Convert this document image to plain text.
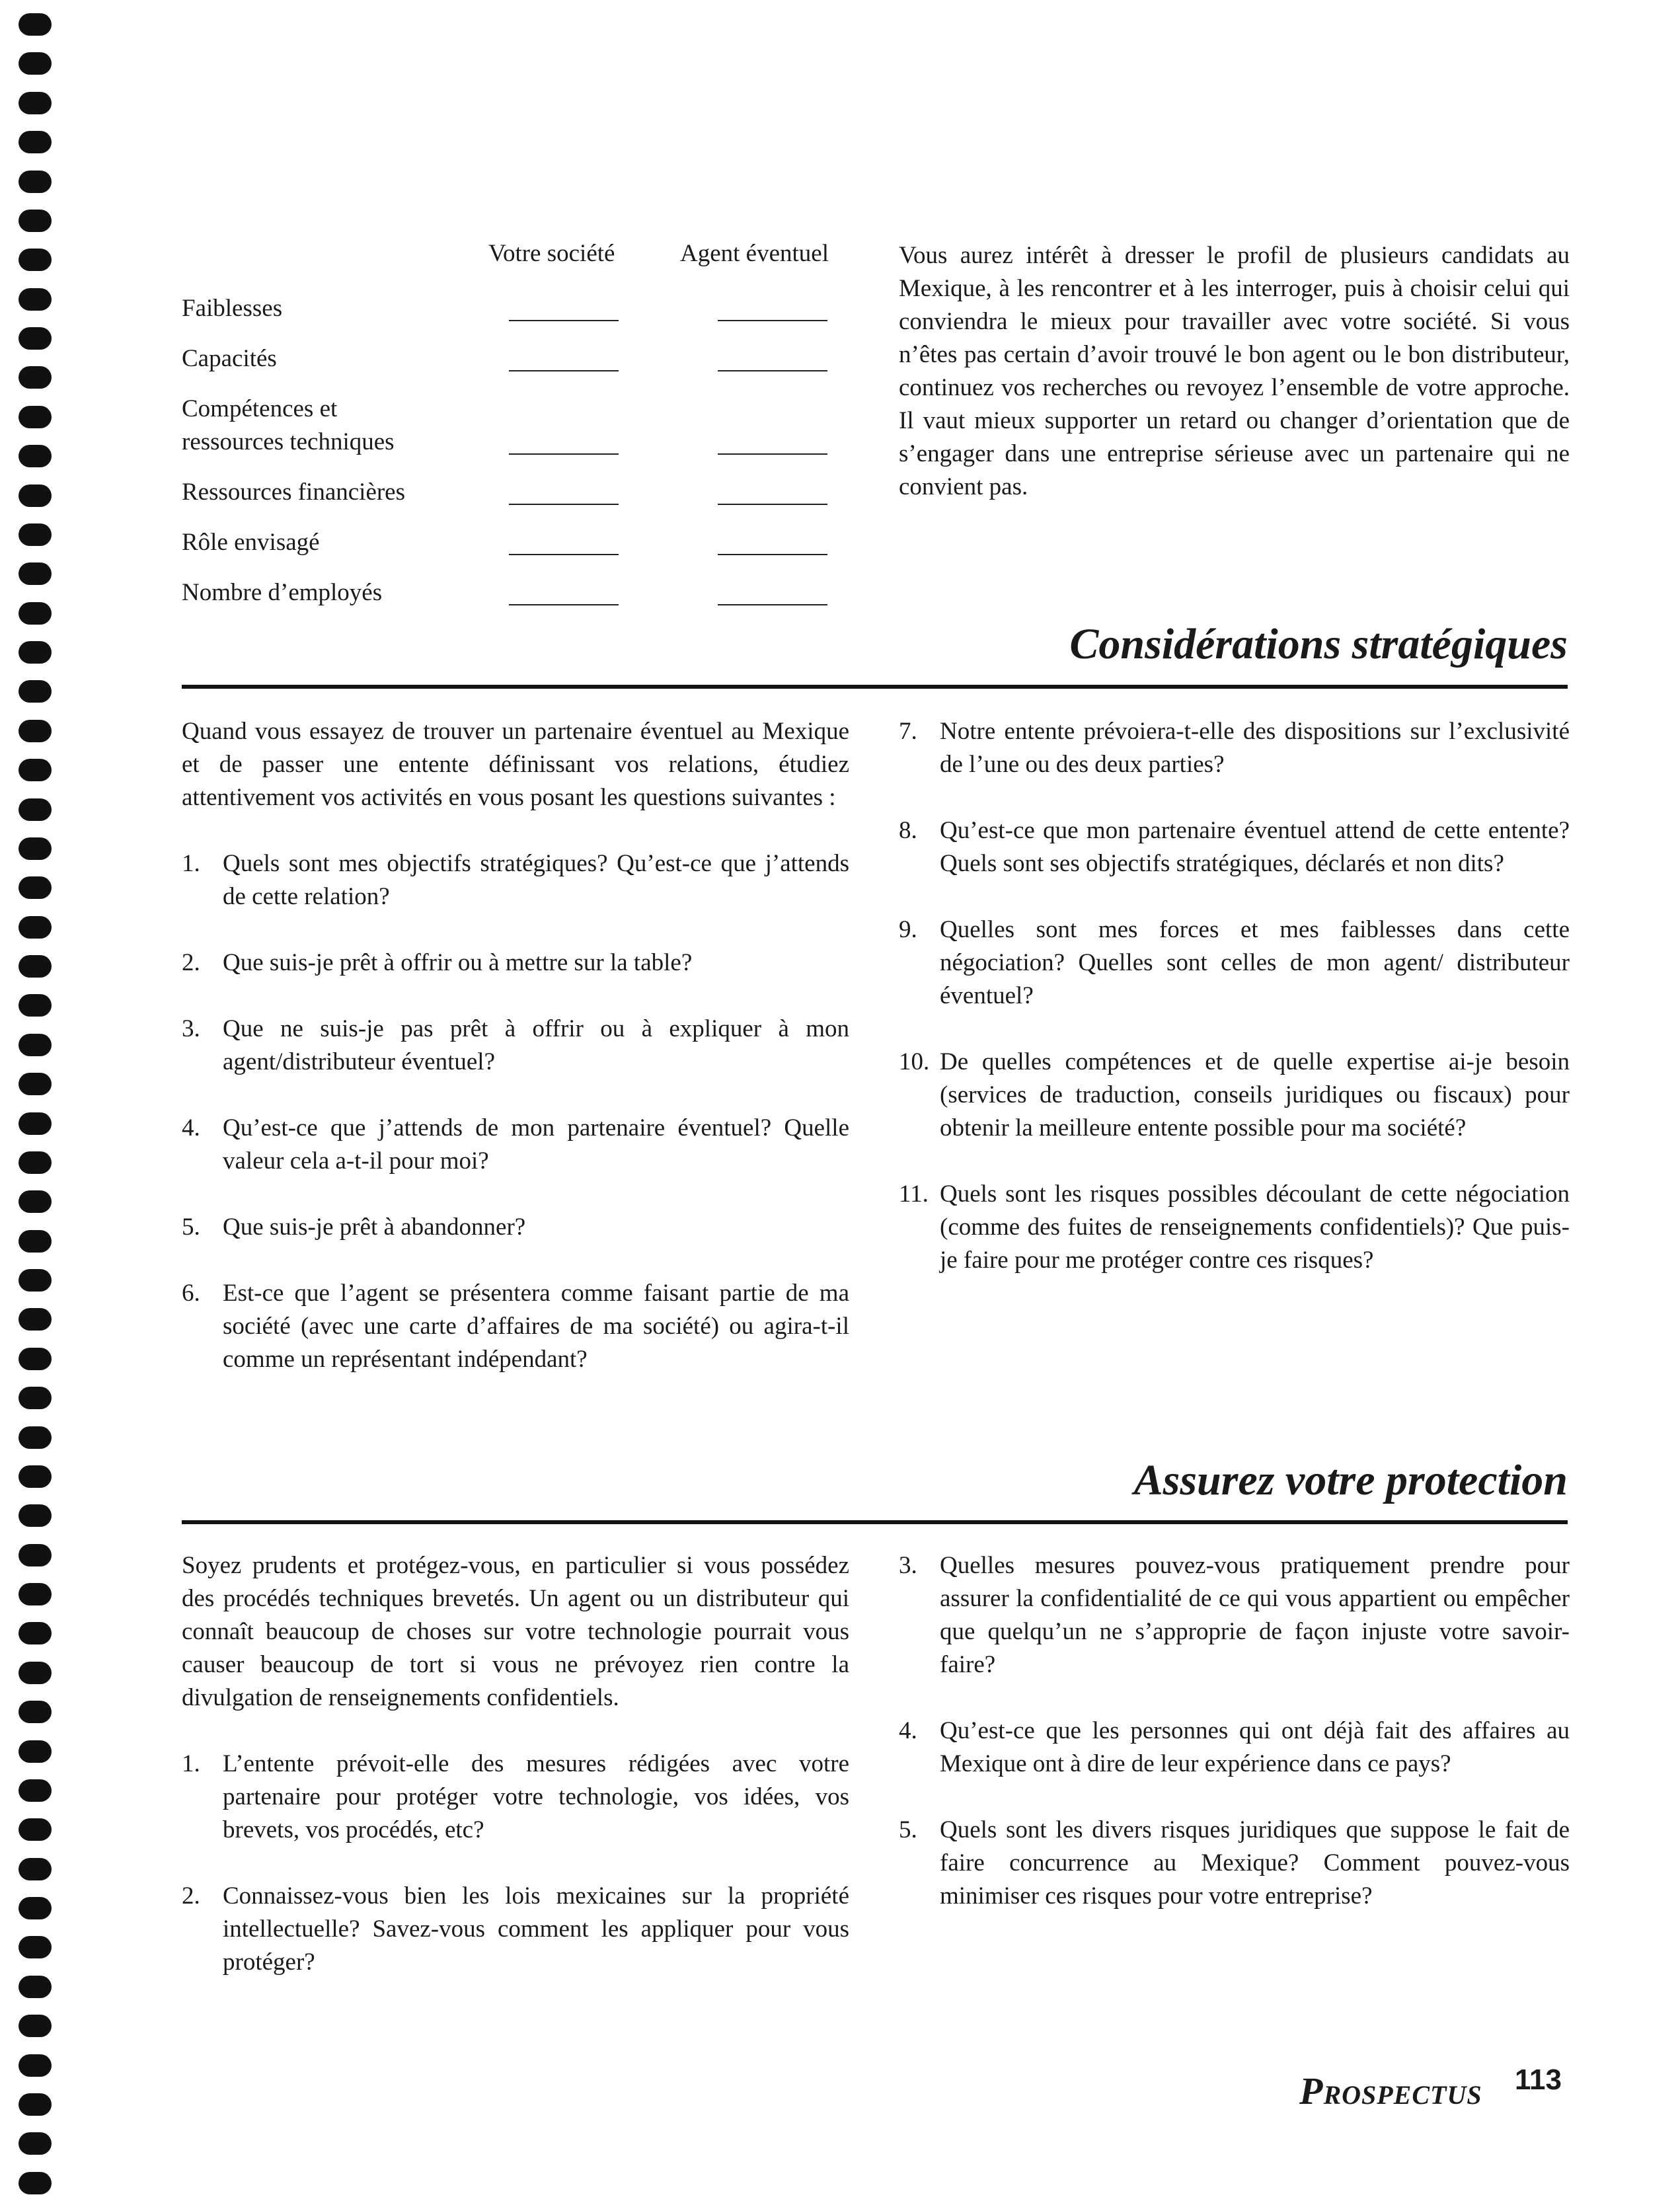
Votre société	Agent éventuel
Faiblesses
Capacités
Compétences et
ressources techniques
Ressources financières
Rôle envisagé
Nombre d’employés
Vous aurez intérêt à dresser le profil de plusieurs candidats au Mexique, à les rencontrer et à les interroger, puis à choisir celui qui conviendra le mieux pour travailler avec votre société. Si vous n’êtes pas certain d’avoir trouvé le bon agent ou le bon distributeur, continuez vos recherches ou revoyez l’ensemble de votre approche. Il vaut mieux supporter un retard ou changer d’orientation que de s’engager dans une entreprise sérieuse avec un partenaire qui ne convient pas.
Considérations stratégiques
Quand vous essayez de trouver un partenaire éventuel au Mexique et de passer une entente définissant vos relations, étudiez attentivement vos activités en vous posant les questions suivantes :
1. Quels sont mes objectifs stratégiques? Qu’est-ce que j’attends de cette relation?
2. Que suis-je prêt à offrir ou à mettre sur la table?
3. Que ne suis-je pas prêt à offrir ou à expliquer à mon agent/distributeur éventuel?
4. Qu’est-ce que j’attends de mon partenaire éventuel? Quelle valeur cela a-t-il pour moi?
5. Que suis-je prêt à abandonner?
6. Est-ce que l’agent se présentera comme faisant partie de ma société (avec une carte d’affaires de ma société) ou agira-t-il comme un représentant indépendant?
7. Notre entente prévoiera-t-elle des dispositions sur l’exclusivité de l’une ou des deux parties?
8. Qu’est-ce que mon partenaire éventuel attend de cette entente? Quels sont ses objectifs stratégiques, déclarés et non dits?
9. Quelles sont mes forces et mes faiblesses dans cette négociation? Quelles sont celles de mon agent/ distributeur éventuel?
10. De quelles compétences et de quelle expertise ai-je besoin (services de traduction, conseils juridiques ou fiscaux) pour obtenir la meilleure entente possible pour ma société?
11. Quels sont les risques possibles découlant de cette négociation (comme des fuites de renseignements confidentiels)? Que puis-je faire pour me protéger contre ces risques?
Assurez votre protection
Soyez prudents et protégez-vous, en particulier si vous possédez des procédés techniques brevetés. Un agent ou un distributeur qui connaît beaucoup de choses sur votre technologie pourrait vous causer beaucoup de tort si vous ne prévoyez rien contre la divulgation de renseignements confidentiels.
1. L’entente prévoit-elle des mesures rédigées avec votre partenaire pour protéger votre technologie, vos idées, vos brevets, vos procédés, etc?
2. Connaissez-vous bien les lois mexicaines sur la propriété intellectuelle? Savez-vous comment les appliquer pour vous protéger?
3. Quelles mesures pouvez-vous pratiquement prendre pour assurer la confidentialité de ce qui vous appartient ou empêcher que quelqu’un ne s’approprie de façon injuste votre savoir-faire?
4. Qu’est-ce que les personnes qui ont déjà fait des affaires au Mexique ont à dire de leur expérience dans ce pays?
5. Quels sont les divers risques juridiques que suppose le fait de faire concurrence au Mexique? Comment pouvez-vous minimiser ces risques pour votre entreprise?
PROSPECTUS 113
